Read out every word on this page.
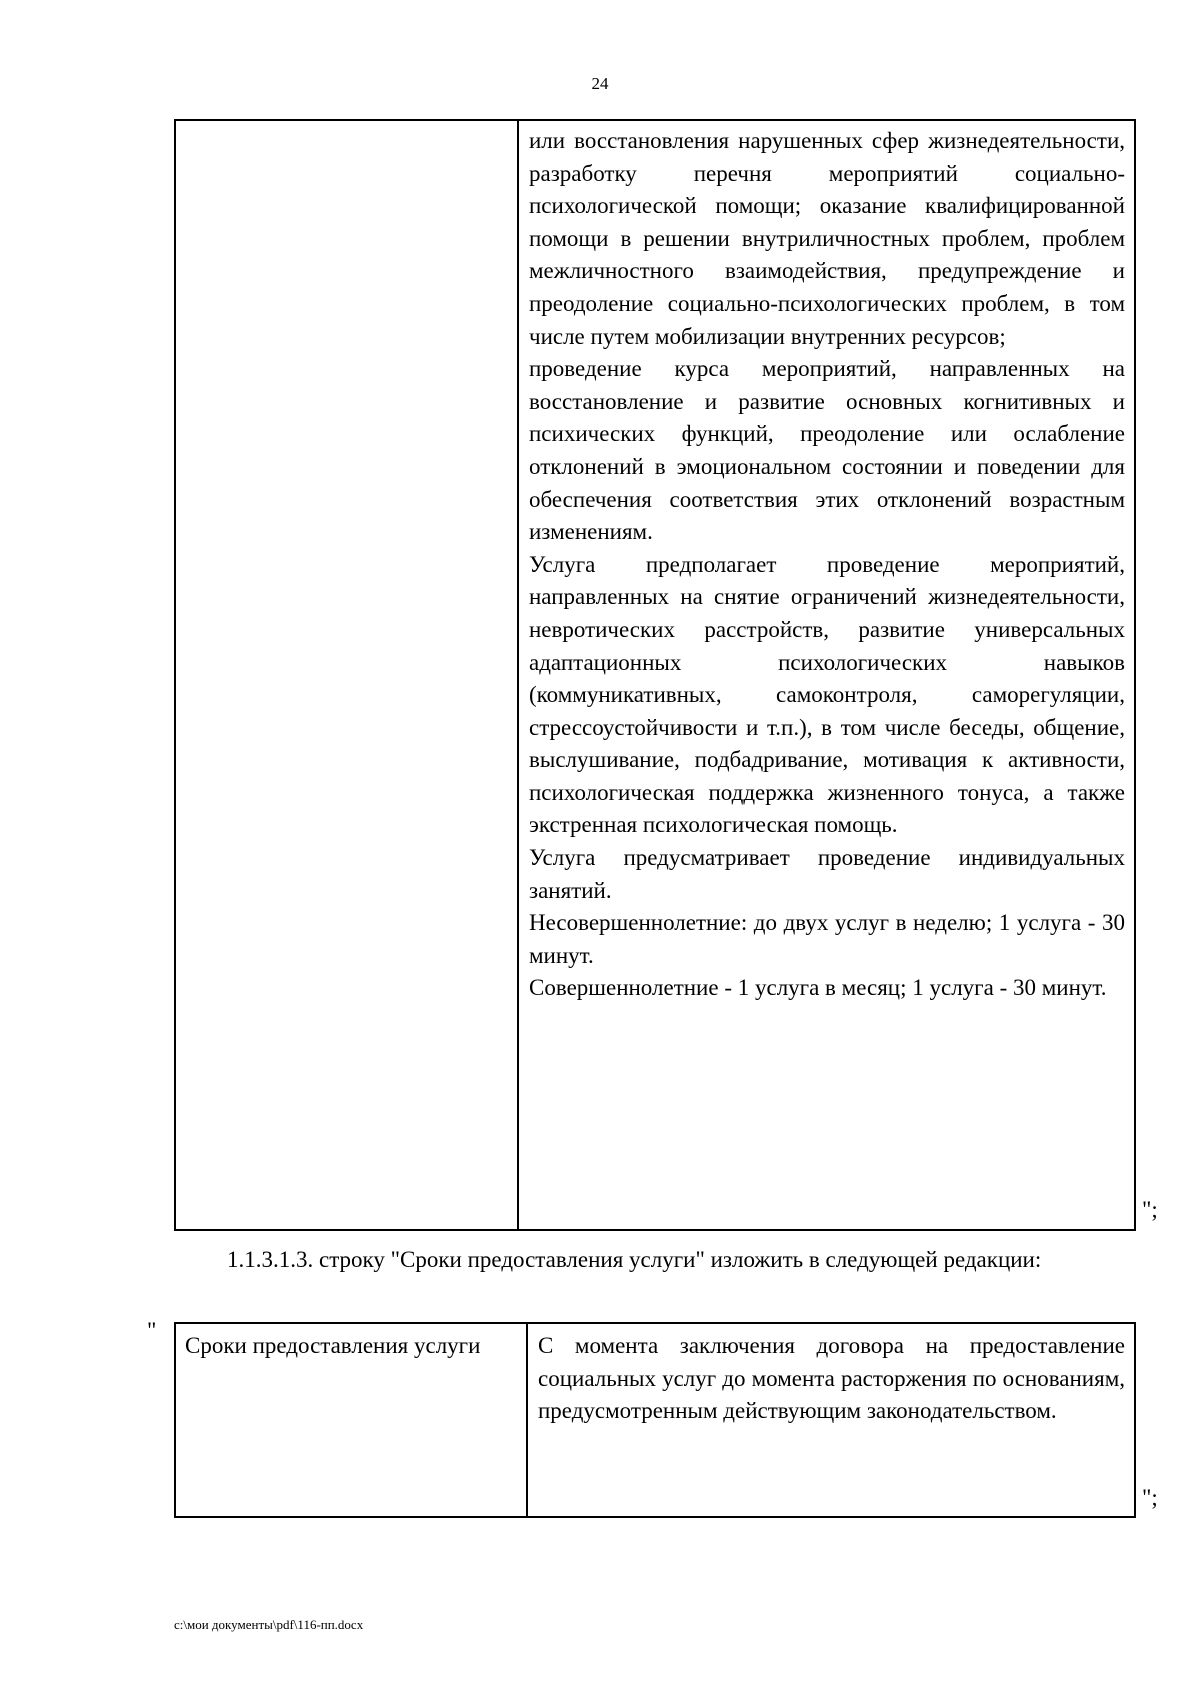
24

или восстановления нарушенных сфер жизнедеятельности, разработку перечня мероприятий социально-психологической помощи; оказание квалифицированной помощи в решении внутриличностных проблем, проблем межличностного взаимодействия, предупреждение и преодоление социально-психологических проблем, в том числе путем мобилизации внутренних ресурсов;

проведение курса мероприятий, направленных на восстановление и развитие основных когнитивных и психических функций, преодоление или ослабление отклонений в эмоциональном состоянии и поведении для обеспечения соответствия этих отклонений возрастным изменениям.

Услуга предполагает проведение мероприятий, направленных на снятие ограничений жизнедеятельности, невротических расстройств, развитие универсальных адаптационных психологических навыков (коммуникативных, самоконтроля, саморегуляции, стрессоустойчивости и т.п.), в том числе беседы, общение, выслушивание, подбадривание, мотивация к активности, психологическая поддержка жизненного тонуса, а также экстренная психологическая помощь.

Услуга предусматривает проведение индивидуальных занятий.

Несовершеннолетние: до двух услуг в неделю; 1 услуга - 30 минут.

Совершеннолетние - 1 услуга в месяц; 1 услуга - 30 минут.

";
1.1.3.1.3. строку "Сроки предоставления услуги" изложить в следующей редакции:
"
Сроки предоставления услуги	С момента заключения договора на предоставление социальных услуг до момента расторжения по основаниям, предусмотренным действующим законодательством.
";
c:\мои документы\pdf\116-пп.docx
